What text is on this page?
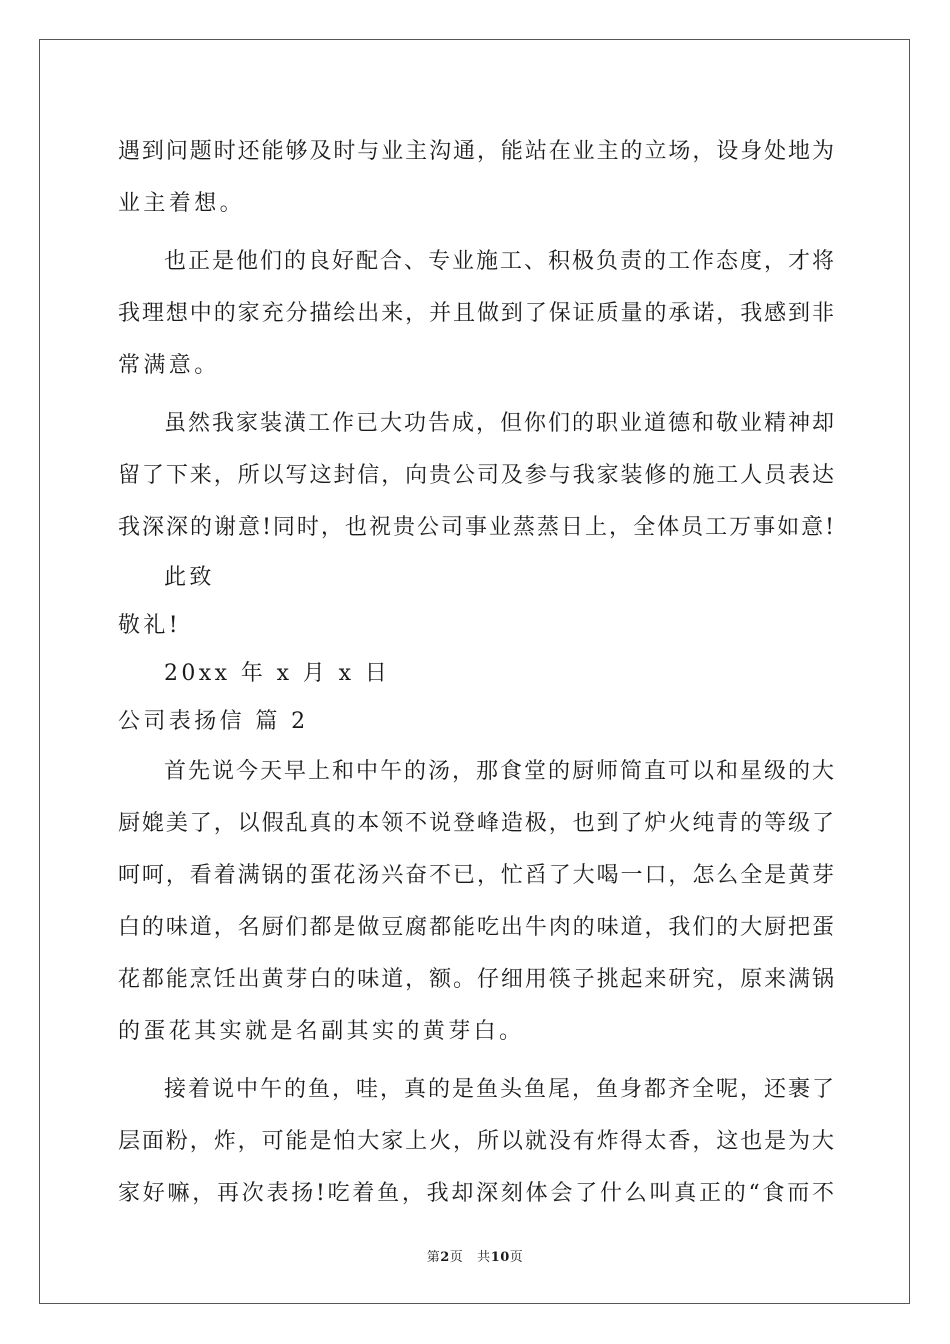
遇到问题时还能够及时与业主沟通，能站在业主的立场，设身处地为
业主着想。
也正是他们的良好配合、专业施工、积极负责的工作态度，才将
我理想中的家充分描绘出来，并且做到了保证质量的承诺，我感到非
常满意。
虽然我家装潢工作已大功告成，但你们的职业道德和敬业精神却
留了下来，所以写这封信，向贵公司及参与我家装修的施工人员表达
我深深的谢意!同时，也祝贵公司事业蒸蒸日上，全体员工万事如意!
此致
敬礼!
20xx 年 x 月 x 日
公司表扬信 篇 2
首先说今天早上和中午的汤，那食堂的厨师简直可以和星级的大
厨媲美了，以假乱真的本领不说登峰造极，也到了炉火纯青的等级了
呵呵，看着满锅的蛋花汤兴奋不已，忙舀了大喝一口，怎么全是黄芽
白的味道，名厨们都是做豆腐都能吃出牛肉的味道，我们的大厨把蛋
花都能烹饪出黄芽白的味道，额。仔细用筷子挑起来研究，原来满锅
的蛋花其实就是名副其实的黄芽白。
接着说中午的鱼，哇，真的是鱼头鱼尾，鱼身都齐全呢，还裹了
层面粉，炸，可能是怕大家上火，所以就没有炸得太香，这也是为大
家好嘛，再次表扬!吃着鱼，我却深刻体会了什么叫真正的“食而不
第2页 共10页
